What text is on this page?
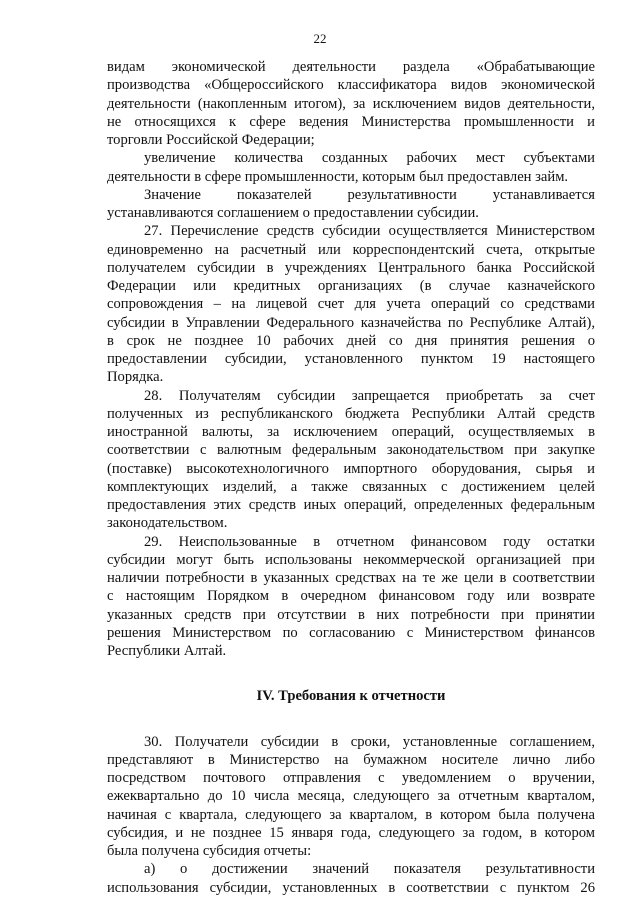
22
видам экономической деятельности раздела «Обрабатывающие
производства «Общероссийского классификатора видов экономической
деятельности (накопленным итогом), за исключением видов деятельности,
не относящихся к сфере ведения Министерства промышленности и
торговли Российской Федерации;
увеличение количества созданных рабочих мест субъектами
деятельности в сфере промышленности, которым был предоставлен займ.
Значение показателей результативности устанавливается
устанавливаются соглашением о предоставлении субсидии.
27. Перечисление средств субсидии осуществляется Министерством
единовременно на расчетный или корреспондентский счета, открытые
получателем субсидии в учреждениях Центрального банка Российской
Федерации или кредитных организациях (в случае казначейского
сопровождения – на лицевой счет для учета операций со средствами
субсидии в Управлении Федерального казначейства по Республике Алтай),
в срок не позднее 10 рабочих дней со дня принятия решения о
предоставлении субсидии, установленного пунктом 19 настоящего
Порядка.
28. Получателям субсидии запрещается приобретать за счет
полученных из республиканского бюджета Республики Алтай средств
иностранной валюты, за исключением операций, осуществляемых в
соответствии с валютным федеральным законодательством при закупке
(поставке) высокотехнологичного импортного оборудования, сырья и
комплектующих изделий, а также связанных с достижением целей
предоставления этих средств иных операций, определенных федеральным
законодательством.
29. Неиспользованные в отчетном финансовом году остатки
субсидии могут быть использованы некоммерческой организацией при
наличии потребности в указанных средствах на те же цели в соответствии
с настоящим Порядком в очередном финансовом году или возврате
указанных средств при отсутствии в них потребности при принятии
решения Министерством по согласованию с Министерством финансов
Республики Алтай.
IV. Требования к отчетности
30. Получатели субсидии в сроки, установленные соглашением,
представляют в Министерство на бумажном носителе лично либо
посредством почтового отправления с уведомлением о вручении,
ежеквартально до 10 числа месяца, следующего за отчетным кварталом,
начиная с квартала, следующего за кварталом, в котором была получена
субсидия, и не позднее 15 января года, следующего за годом, в котором
была получена субсидия отчеты:
а) о достижении значений показателя результативности
использования субсидии, установленных в соответствии с пунктом 26
